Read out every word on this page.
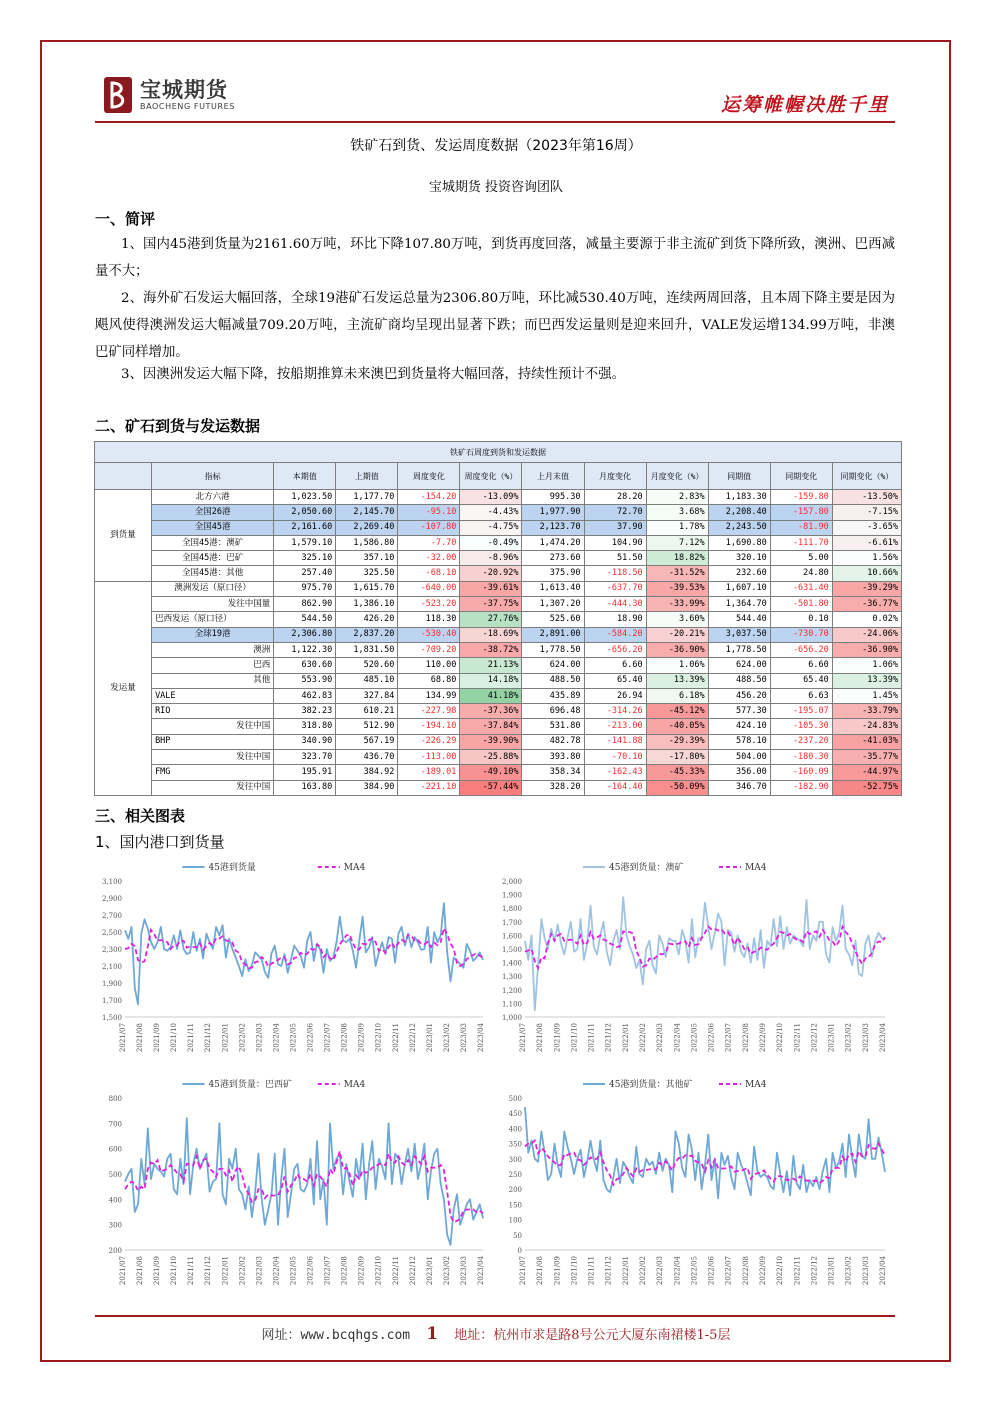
宝城期货
BAOCHENG FUTURES	运筹帷幄决胜千里
铁矿石到货、发运周度数据（2023年第16周）
宝城期货 投资咨询团队
一、简评
1、国内45港到货量为2161.60万吨，环比下降107.80万吨，到货再度回落，减量主要源于非主流矿到货下降所致，澳洲、巴西减量不大；
2、海外矿石发运大幅回落，全球19港矿石发运总量为2306.80万吨，环比减530.40万吨，连续两周回落，且本周下降主要是因为飓风使得澳洲发运大幅减量709.20万吨，主流矿商均呈现出显著下跌；而巴西发运量则是迎来回升，VALE发运增134.99万吨，非澳巴矿同样增加。
3、因澳洲发运大幅下降，按船期推算未来澳巴到货量将大幅回落，持续性预计不强。
二、矿石到货与发运数据
铁矿石周度到货和发运数据											
	指标	本期值	上期值	周度变化	周度变化（%）	上月末值	月度变化	月度变化（%）	同期值	同期变化	同期变化（%）
到货量	北方六港	1,023.50	1,177.70	-154.20	-13.09%	995.30	28.20	2.83%	1,183.30	-159.80	-13.50%
	全国26港	2,050.60	2,145.70	-95.10	-4.43%	1,977.90	72.70	3.68%	2,208.40	-157.80	-7.15%
	全国45港	2,161.60	2,269.40	-107.80	-4.75%	2,123.70	37.90	1.78%	2,243.50	-81.90	-3.65%
	全国45港：澳矿	1,579.10	1,586.80	-7.70	-0.49%	1,474.20	104.90	7.12%	1,690.80	-111.70	-6.61%
	全国45港：巴矿	325.10	357.10	-32.00	-8.96%	273.60	51.50	18.82%	320.10	5.00	1.56%
	全国45港：其他	257.40	325.50	-68.10	-20.92%	375.90	-118.50	-31.52%	232.60	24.80	10.66%
发运量	澳洲发运（原口径）	975.70	1,615.70	-640.00	-39.61%	1,613.40	-637.70	-39.53%	1,607.10	-631.40	-39.29%
	发往中国量	862.90	1,386.10	-523.20	-37.75%	1,307.20	-444.30	-33.99%	1,364.70	-501.80	-36.77%
	巴西发运（原口径）	544.50	426.20	118.30	27.76%	525.60	18.90	3.60%	544.40	0.10	0.02%
	全球19港	2,306.80	2,837.20	-530.40	-18.69%	2,891.00	-584.20	-20.21%	3,037.50	-730.70	-24.06%
	澳洲	1,122.30	1,831.50	-709.20	-38.72%	1,778.50	-656.20	-36.90%	1,778.50	-656.20	-36.90%
	巴西	630.60	520.60	110.00	21.13%	624.00	6.60	1.06%	624.00	6.60	1.06%
	其他	553.90	485.10	68.80	14.18%	488.50	65.40	13.39%	488.50	65.40	13.39%
	VALE	462.83	327.84	134.99	41.18%	435.89	26.94	6.18%	456.20	6.63	1.45%
	RIO	382.23	610.21	-227.98	-37.36%	696.48	-314.26	-45.12%	577.30	-195.07	-33.79%
	发往中国	318.80	512.90	-194.10	-37.84%	531.80	-213.00	-40.05%	424.10	-105.30	-24.83%
	BHP	340.90	567.19	-226.29	-39.90%	482.78	-141.88	-29.39%	578.10	-237.20	-41.03%
	发往中国	323.70	436.70	-113.00	-25.88%	393.80	-70.10	-17.80%	504.00	-180.30	-35.77%
	FMG	195.91	384.92	-189.01	-49.10%	358.34	-162.43	-45.33%	356.00	-160.09	-44.97%
	发往中国	163.80	384.90	-221.10	-57.44%	328.20	-164.40	-50.09%	346.70	-182.90	-52.75%
三、相关图表
1、国内港口到货量
45港到货量	MA4
1,500
1,700
1,900
2,100
2,300
2,500
2,700
2,900
3,100
2021/07 2021/08 2021/09 2021/10 2021/11 2021/12 2022/01 2022/02 2022/03 2022/04 2022/05 2022/06 2022/07 2022/08 2022/09 2022/10 2022/11 2022/12 2023/01 2023/02 2023/03 2023/04
45港到货量：澳矿	MA4
1,000
1,100
1,200
1,300
1,400
1,500
1,600
1,700
1,800
1,900
2,000
2021/07 2021/08 2021/09 2021/10 2021/11 2021/12 2022/01 2022/02 2022/03 2022/04 2022/05 2022/06 2022/07 2022/08 2022/09 2022/10 2022/11 2022/12 2023/01 2023/02 2023/03 2023/04
45港到货量：巴西矿	MA4
200
300
400
500
600
700
800
2021/07 2021/08 2021/09 2021/10 2021/11 2021/12 2022/01 2022/02 2022/03 2022/04 2022/05 2022/06 2022/07 2022/08 2022/09 2022/10 2022/11 2022/12 2023/01 2023/02 2023/03 2023/04
45港到货量：其他矿	MA4
0
50
100
150
200
250
300
350
400
450
500
2021/07 2021/08 2021/09 2021/10 2021/11 2021/12 2022/01 2022/02 2022/03 2022/04 2022/05 2022/06 2022/07 2022/08 2022/09 2022/10 2022/11 2022/12 2023/01 2023/02 2023/03 2023/04
网址：www.bcqhgs.com 1 地址：杭州市求是路8号公元大厦东南裙楼1-5层
